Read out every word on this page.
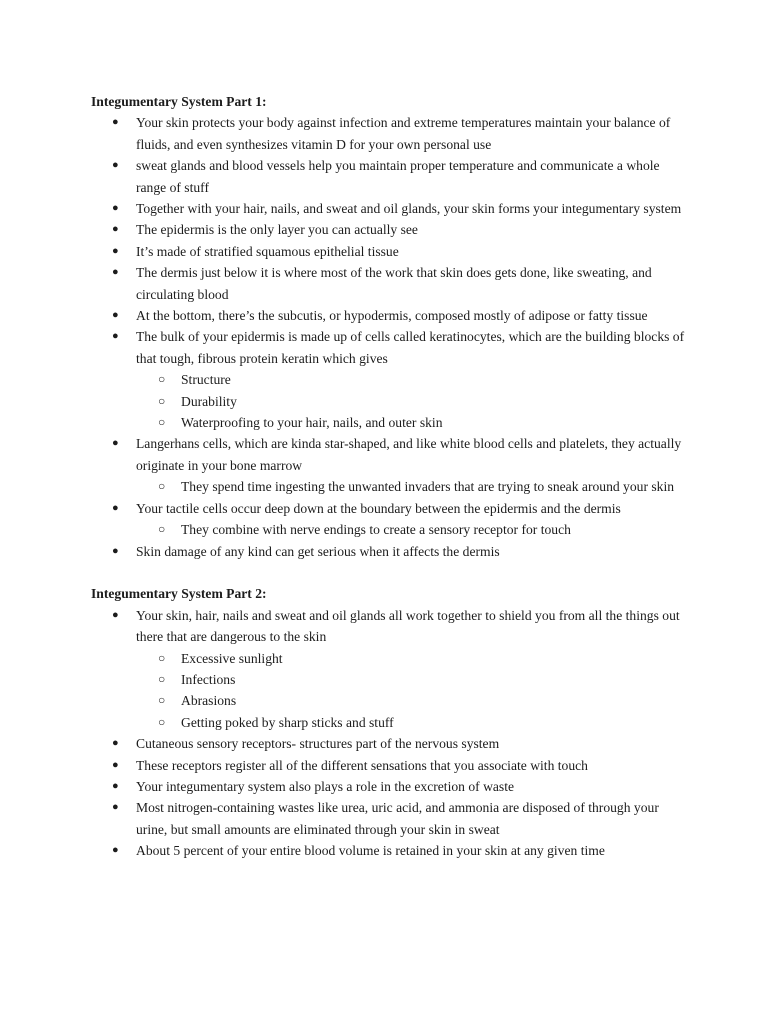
Integumentary System Part 1:
● Your skin protects your body against infection and extreme temperatures maintain your balance of fluids, and even synthesizes vitamin D for your own personal use
● sweat glands and blood vessels help you maintain proper temperature and communicate a whole range of stuff
● Together with your hair, nails, and sweat and oil glands, your skin forms your integumentary system
● The epidermis is the only layer you can actually see
● It’s made of stratified squamous epithelial tissue
● The dermis just below it is where most of the work that skin does gets done, like sweating, and circulating blood
● At the bottom, there’s the subcutis, or hypodermis, composed mostly of adipose or fatty tissue
● The bulk of your epidermis is made up of cells called keratinocytes, which are the building blocks of that tough, fibrous protein keratin which gives
○ Structure
○ Durability
○ Waterproofing to your hair, nails, and outer skin
● Langerhans cells, which are kinda star-shaped, and like white blood cells and platelets, they actually originate in your bone marrow
○ They spend time ingesting the unwanted invaders that are trying to sneak around your skin
● Your tactile cells occur deep down at the boundary between the epidermis and the dermis
○ They combine with nerve endings to create a sensory receptor for touch
● Skin damage of any kind can get serious when it affects the dermis
Integumentary System Part 2:
● Your skin, hair, nails and sweat and oil glands all work together to shield you from all the things out there that are dangerous to the skin
○ Excessive sunlight
○ Infections
○ Abrasions
○ Getting poked by sharp sticks and stuff
● Cutaneous sensory receptors- structures part of the nervous system
● These receptors register all of the different sensations that you associate with touch
● Your integumentary system also plays a role in the excretion of waste
● Most nitrogen-containing wastes like urea, uric acid, and ammonia are disposed of through your urine, but small amounts are eliminated through your skin in sweat
● About 5 percent of your entire blood volume is retained in your skin at any given time
